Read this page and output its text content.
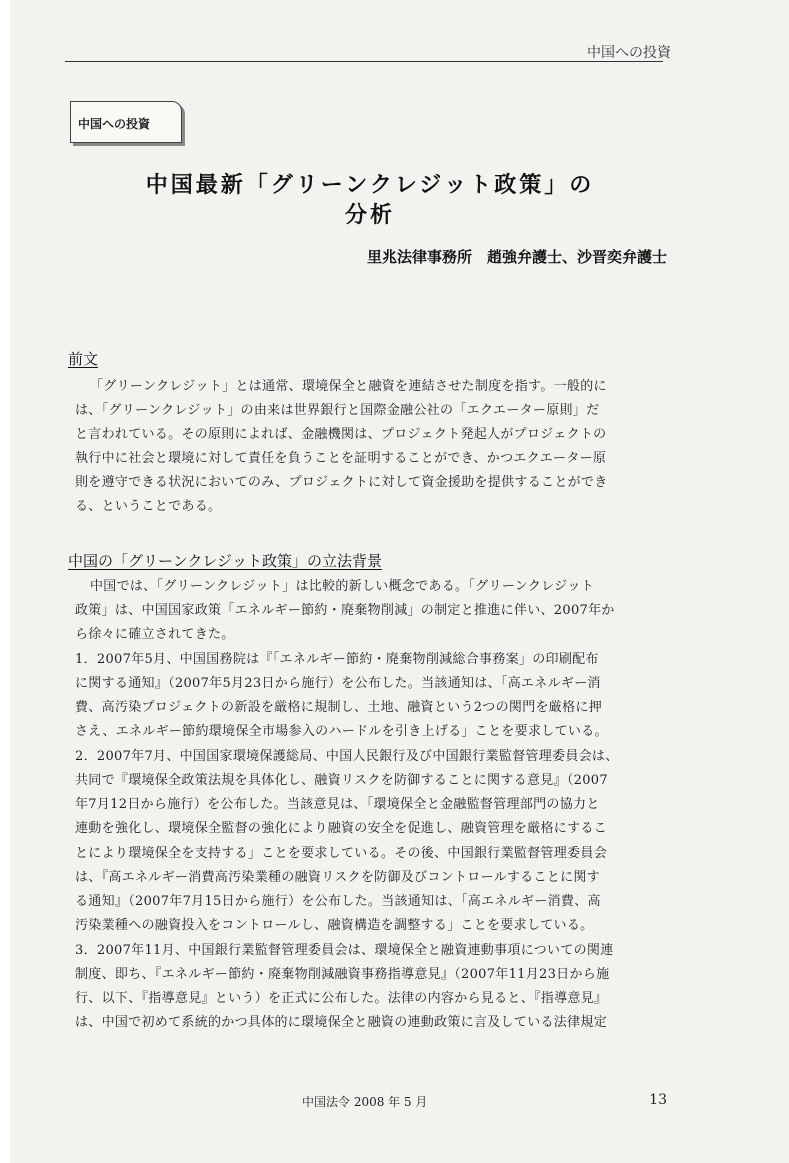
中国への投資
中国への投資
中国最新「グリーンクレジット政策」の
分析
里兆法律事務所　趙強弁護士、沙晋奕弁護士
前文
「グリーンクレジット」とは通常、環境保全と融資を連結させた制度を指す。一般的に
は、「グリーンクレジット」の由来は世界銀行と国際金融公社の「エクエーター原則」だ
と言われている。その原則によれば、金融機関は、プロジェクト発起人がプロジェクトの
執行中に社会と環境に対して責任を負うことを証明することができ、かつエクエーター原
則を遵守できる状況においてのみ、プロジェクトに対して資金援助を提供することができ
る、ということである。
中国の「グリーンクレジット政策」の立法背景
中国では、「グリーンクレジット」は比較的新しい概念である。「グリーンクレジット
政策」は、中国国家政策「エネルギー節約・廃棄物削減」の制定と推進に伴い、2007年か
ら徐々に確立されてきた。
1．2007年5月、中国国務院は『「エネルギー節約・廃棄物削減総合事務案」の印刷配布
に関する通知』（2007年5月23日から施行）を公布した。当該通知は、「高エネルギー消
費、高汚染プロジェクトの新設を厳格に規制し、土地、融資という2つの関門を厳格に押
さえ、エネルギー節約環境保全市場参入のハードルを引き上げる」ことを要求している。
2．2007年7月、中国国家環境保護総局、中国人民銀行及び中国銀行業監督管理委員会は、
共同で『環境保全政策法規を具体化し、融資リスクを防御することに関する意見』（2007
年7月12日から施行）を公布した。当該意見は、「環境保全と金融監督管理部門の協力と
連動を強化し、環境保全監督の強化により融資の安全を促進し、融資管理を厳格にするこ
とにより環境保全を支持する」ことを要求している。その後、中国銀行業監督管理委員会
は、『高エネルギー消費高汚染業種の融資リスクを防御及びコントロールすることに関す
る通知』（2007年7月15日から施行）を公布した。当該通知は、「高エネルギー消費、高
汚染業種への融資投入をコントロールし、融資構造を調整する」ことを要求している。
3．2007年11月、中国銀行業監督管理委員会は、環境保全と融資連動事項についての関連
制度、即ち、『エネルギー節約・廃棄物削減融資事務指導意見』（2007年11月23日から施
行、以下、『指導意見』という）を正式に公布した。法律の内容から見ると、『指導意見』
は、中国で初めて系統的かつ具体的に環境保全と融資の連動政策に言及している法律規定
中国法令 2008 年 5 月	13
